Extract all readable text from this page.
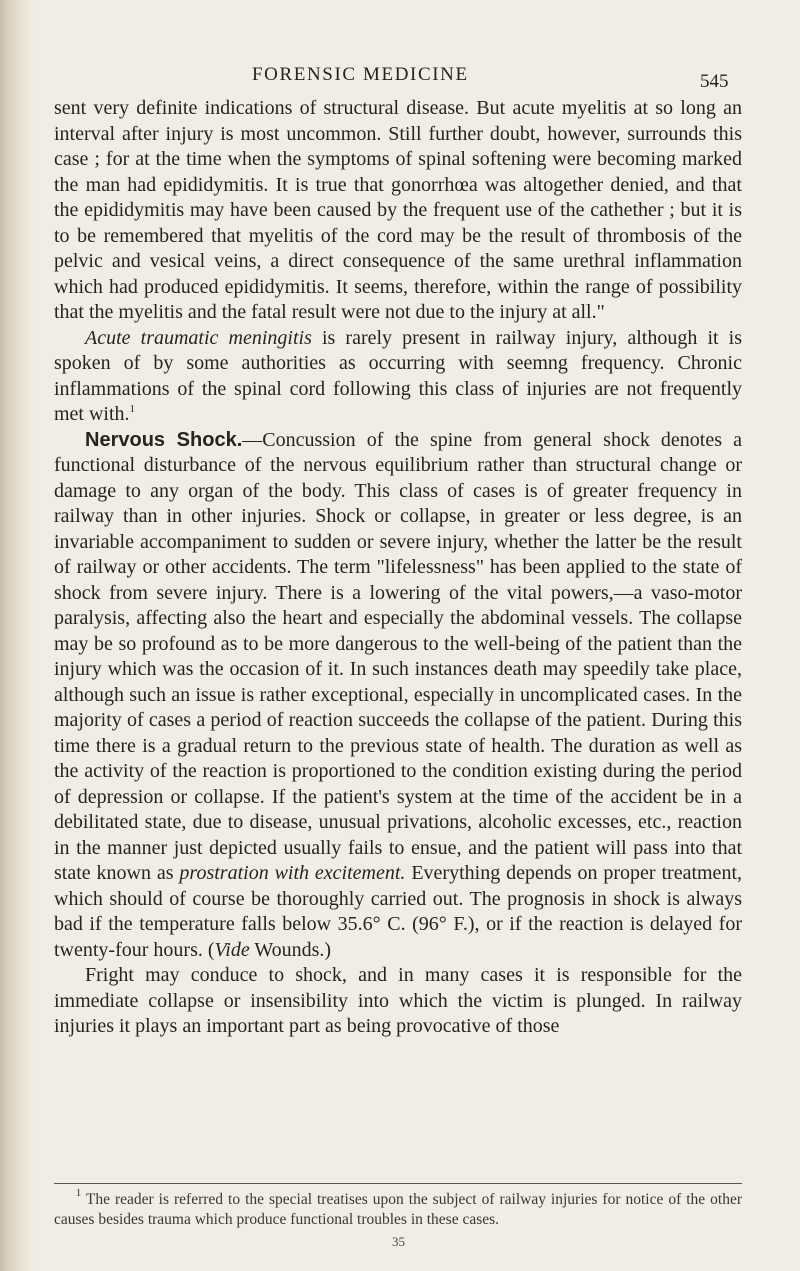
FORENSIC MEDICINE	545

sent very definite indications of structural disease. But acute myelitis at so long an interval after injury is most uncommon. Still further doubt, however, surrounds this case ; for at the time when the symptoms of spinal softening were becoming marked the man had epididymitis. It is true that gonorrhœa was altogether denied, and that the epididymitis may have been caused by the frequent use of the cathether ; but it is to be remembered that myelitis of the cord may be the result of thrombosis of the pelvic and vesical veins, a direct consequence of the same urethral inflammation which had produced epididymitis. It seems, therefore, within the range of possibility that the myelitis and the fatal result were not due to the injury at all."

Acute traumatic meningitis is rarely present in railway injury, although it is spoken of by some authorities as occurring with seemng frequency. Chronic inflammations of the spinal cord following this class of injuries are not frequently met with.$^1$

Nervous Shock.—Concussion of the spine from general shock denotes a functional disturbance of the nervous equilibrium rather than structural change or damage to any organ of the body. This class of cases is of greater frequency in railway than in other injuries. Shock or collapse, in greater or less degree, is an invariable accompaniment to sudden or severe injury, whether the latter be the result of railway or other accidents. The term "lifelessness" has been applied to the state of shock from severe injury. There is a lowering of the vital powers,—a vaso-motor paralysis, affecting also the heart and especially the abdominal vessels. The collapse may be so profound as to be more dangerous to the well-being of the patient than the injury which was the occasion of it. In such instances death may speedily take place, although such an issue is rather exceptional, especially in uncomplicated cases. In the majority of cases a period of reaction succeeds the collapse of the patient. During this time there is a gradual return to the previous state of health. The duration as well as the activity of the reaction is proportioned to the condition existing during the period of depression or collapse. If the patient's system at the time of the accident be in a debilitated state, due to disease, unusual privations, alcoholic excesses, etc., reaction in the manner just depicted usually fails to ensue, and the patient will pass into that state known as prostration with excitement. Everything depends on proper treatment, which should of course be thoroughly carried out. The prognosis in shock is always bad if the temperature falls below 35.6° C. (96° F.), or if the reaction is delayed for twenty-four hours. (Vide Wounds.)

Fright may conduce to shock, and in many cases it is responsible for the immediate collapse or insensibility into which the victim is plunged. In railway injuries it plays an important part as being provocative of those

$^1$ The reader is referred to the special treatises upon the subject of railway injuries for notice of the other causes besides trauma which produce functional troubles in these cases.

35
